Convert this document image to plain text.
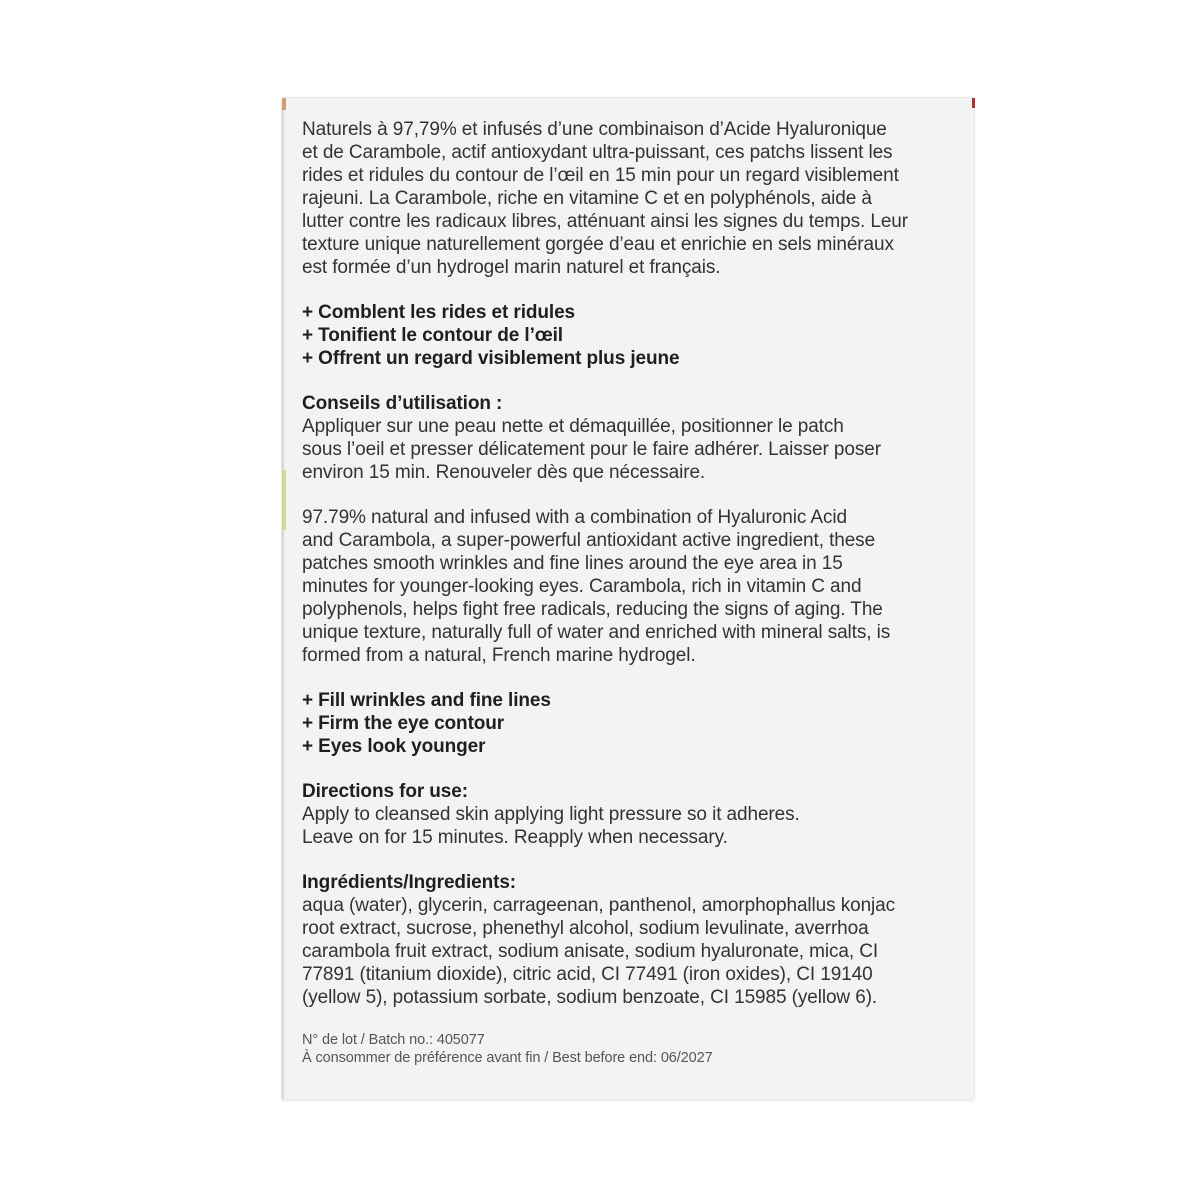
Naturels à 97,79% et infusés d’une combinaison d’Acide Hyaluronique
et de Carambole, actif antioxydant ultra-puissant, ces patchs lissent les
rides et ridules du contour de l’œil en 15 min pour un regard visiblement
rajeuni. La Carambole, riche en vitamine C et en polyphénols, aide à
lutter contre les radicaux libres, atténuant ainsi les signes du temps. Leur
texture unique naturellement gorgée d’eau et enrichie en sels minéraux
est formée d’un hydrogel marin naturel et français.

+ Comblent les rides et ridules
+ Tonifient le contour de l’œil
+ Offrent un regard visiblement plus jeune

Conseils d’utilisation :

Appliquer sur une peau nette et démaquillée, positionner le patch
sous l’oeil et presser délicatement pour le faire adhérer. Laisser poser
environ 15 min. Renouveler dès que nécessaire.

97.79% natural and infused with a combination of Hyaluronic Acid
and Carambola, a super-powerful antioxidant active ingredient, these
patches smooth wrinkles and fine lines around the eye area in 15
minutes for younger-looking eyes. Carambola, rich in vitamin C and
polyphenols, helps fight free radicals, reducing the signs of aging. The
unique texture, naturally full of water and enriched with mineral salts, is
formed from a natural, French marine hydrogel.

+ Fill wrinkles and fine lines
+ Firm the eye contour
+ Eyes look younger

Directions for use:

Apply to cleansed skin applying light pressure so it adheres.
Leave on for 15 minutes. Reapply when necessary.

Ingrédients/Ingredients:

aqua (water), glycerin, carrageenan, panthenol, amorphophallus konjac
root extract, sucrose, phenethyl alcohol, sodium levulinate, averrhoa
carambola fruit extract, sodium anisate, sodium hyaluronate, mica, CI
77891 (titanium dioxide), citric acid, CI 77491 (iron oxides), CI 19140
(yellow 5), potassium sorbate, sodium benzoate, CI 15985 (yellow 6).

N° de lot / Batch no.: 405077

À consommer de préférence avant fin / Best before end: 06/2027
